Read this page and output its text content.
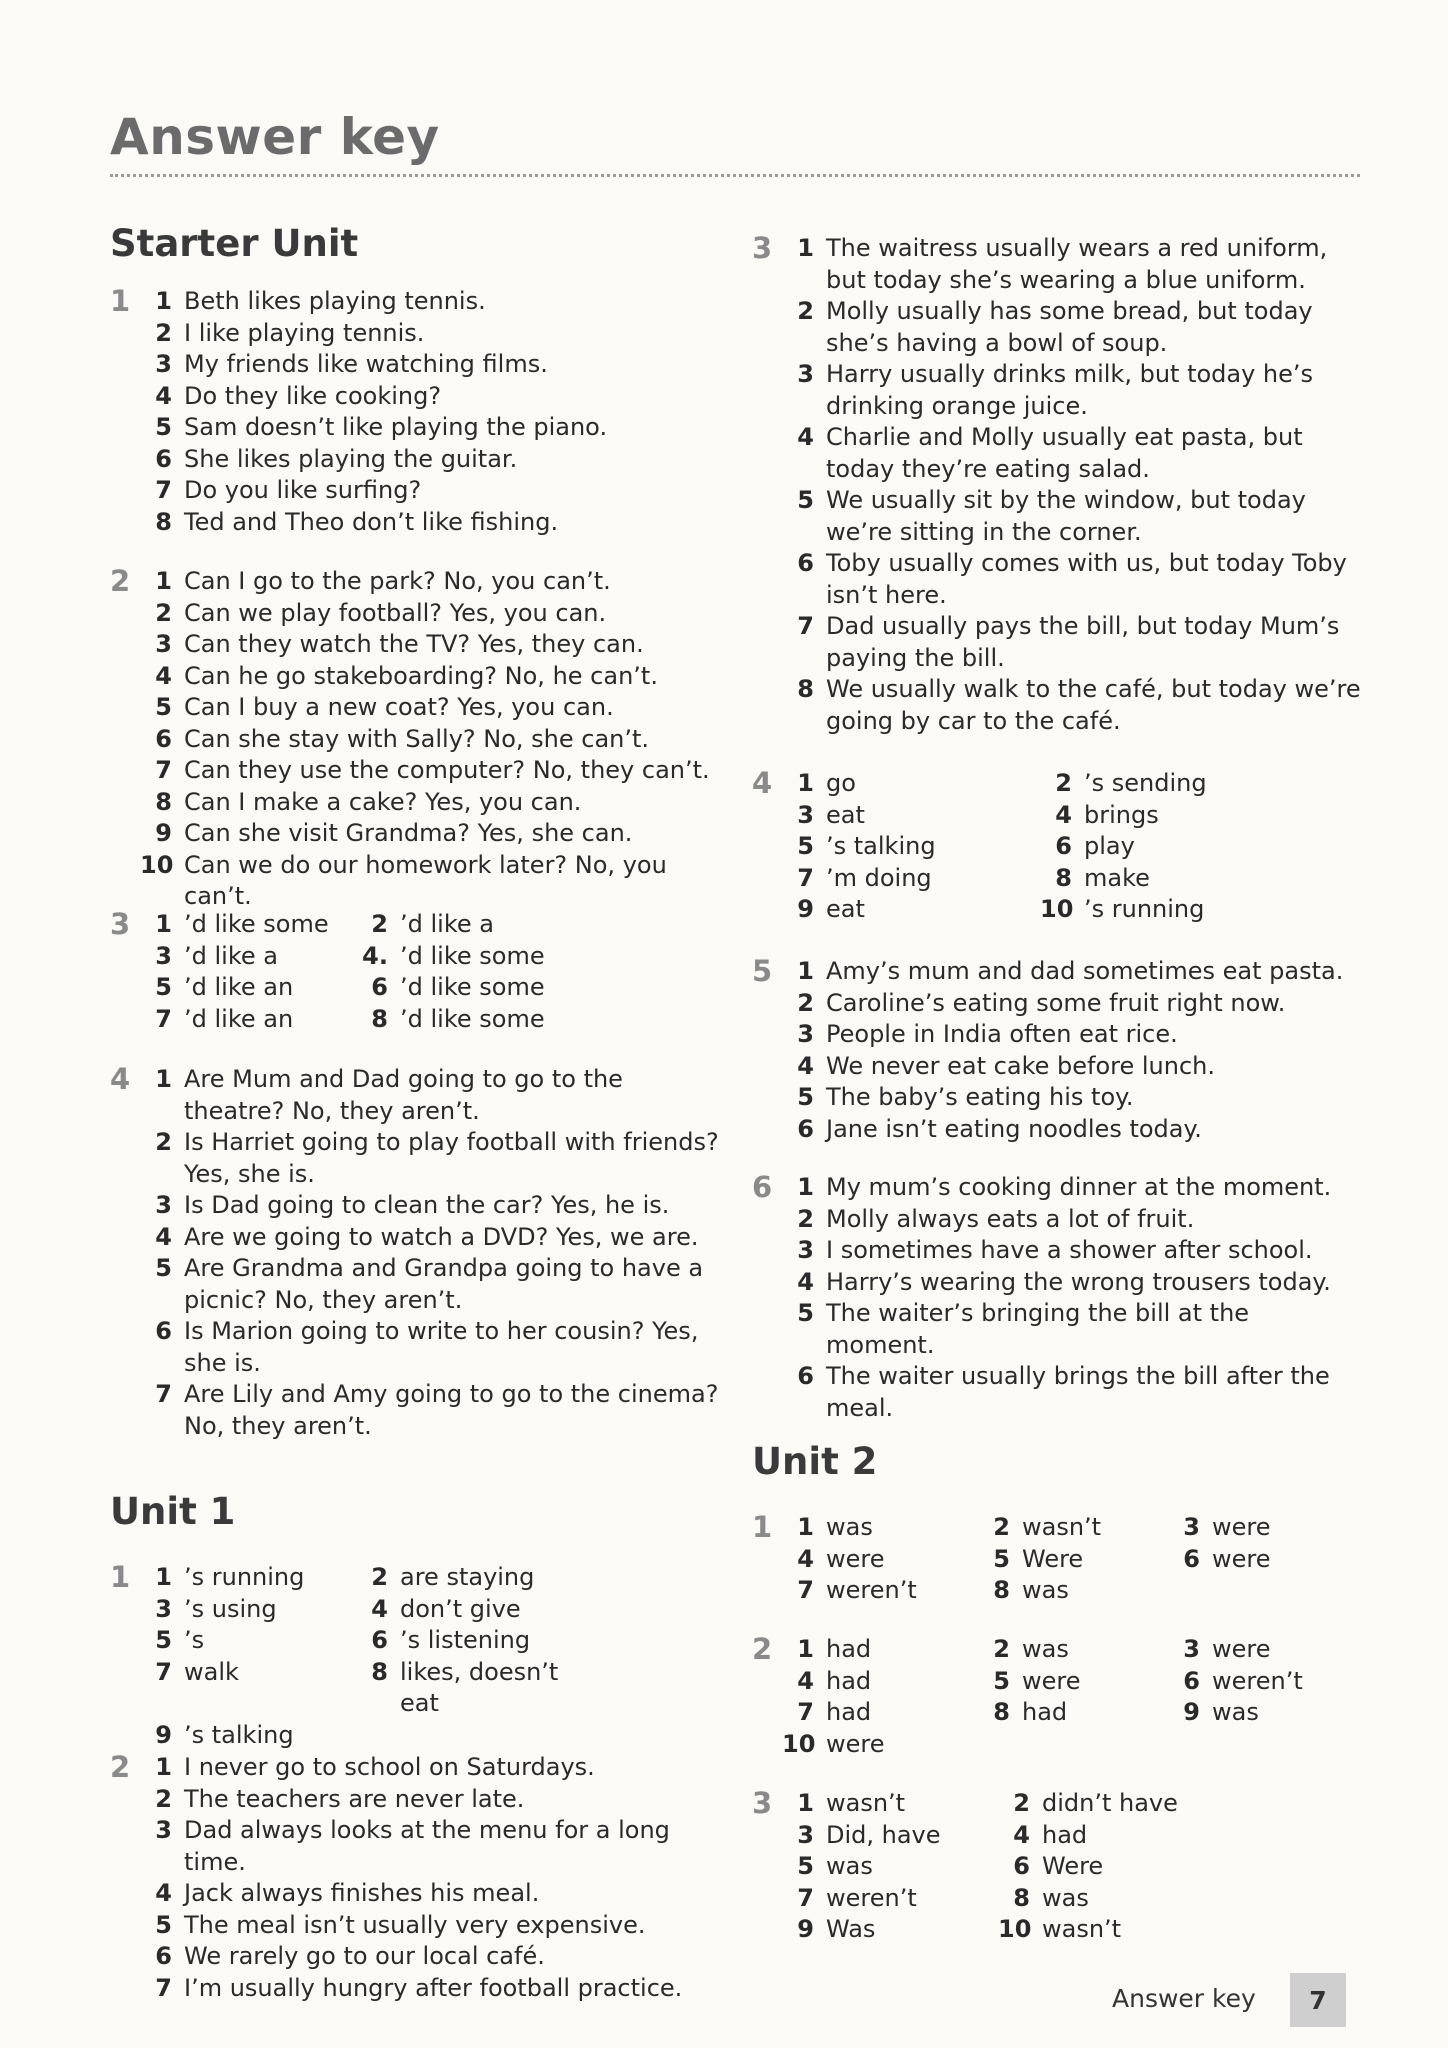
Answer key
Starter Unit
1	1 Beth likes playing tennis.
2 I like playing tennis.
3 My friends like watching films.
4 Do they like cooking?
5 Sam doesn’t like playing the piano.
6 She likes playing the guitar.
7 Do you like surfing?
8 Ted and Theo don’t like fishing.
2	1 Can I go to the park? No, you can’t.
2 Can we play football? Yes, you can.
3 Can they watch the TV? Yes, they can.
4 Can he go stakeboarding? No, he can’t.
5 Can I buy a new coat? Yes, you can.
6 Can she stay with Sally? No, she can’t.
7 Can they use the computer? No, they can’t.
8 Can I make a cake? Yes, you can.
9 Can she visit Grandma? Yes, she can.
10 Can we do our homework later? No, you can’t.
3	1 ’d like some	2 ’d like a
3 ’d like a	4. ’d like some
5 ’d like an	6 ’d like some
7 ’d like an	8 ’d like some
4	1 Are Mum and Dad going to go to the theatre? No, they aren’t.
2 Is Harriet going to play football with friends? Yes, she is.
3 Is Dad going to clean the car? Yes, he is.
4 Are we going to watch a DVD? Yes, we are.
5 Are Grandma and Grandpa going to have a picnic? No, they aren’t.
6 Is Marion going to write to her cousin? Yes, she is.
7 Are Lily and Amy going to go to the cinema? No, they aren’t.
Unit 1
1	1 ’s running	2 are staying
3 ’s using	4 don’t give
5 ’s	6 ’s listening
7 walk	8 likes, doesn’t eat
9 ’s talking
2	1 I never go to school on Saturdays.
2 The teachers are never late.
3 Dad always looks at the menu for a long time.
4 Jack always finishes his meal.
5 The meal isn’t usually very expensive.
6 We rarely go to our local café.
7 I’m usually hungry after football practice.
3	1 The waitress usually wears a red uniform, but today she’s wearing a blue uniform.
2 Molly usually has some bread, but today she’s having a bowl of soup.
3 Harry usually drinks milk, but today he’s drinking orange juice.
4 Charlie and Molly usually eat pasta, but today they’re eating salad.
5 We usually sit by the window, but today we’re sitting in the corner.
6 Toby usually comes with us, but today Toby isn’t here.
7 Dad usually pays the bill, but today Mum’s paying the bill.
8 We usually walk to the café, but today we’re going by car to the café.
4	1 go	2 ’s sending
3 eat	4 brings
5 ’s talking	6 play
7 ’m doing	8 make
9 eat	10 ’s running
5	1 Amy’s mum and dad sometimes eat pasta.
2 Caroline’s eating some fruit right now.
3 People in India often eat rice.
4 We never eat cake before lunch.
5 The baby’s eating his toy.
6 Jane isn’t eating noodles today.
6	1 My mum’s cooking dinner at the moment.
2 Molly always eats a lot of fruit.
3 I sometimes have a shower after school.
4 Harry’s wearing the wrong trousers today.
5 The waiter’s bringing the bill at the moment.
6 The waiter usually brings the bill after the meal.
Unit 2
1	1 was	2 wasn’t	3 were
4 were	5 Were	6 were
7 weren’t	8 was
2	1 had	2 was	3 were
4 had	5 were	6 weren’t
7 had	8 had	9 was
10 were
3	1 wasn’t	2 didn’t have
3 Did, have	4 had
5 was	6 Were
7 weren’t	8 was
9 Was	10 wasn’t
Answer key	7
